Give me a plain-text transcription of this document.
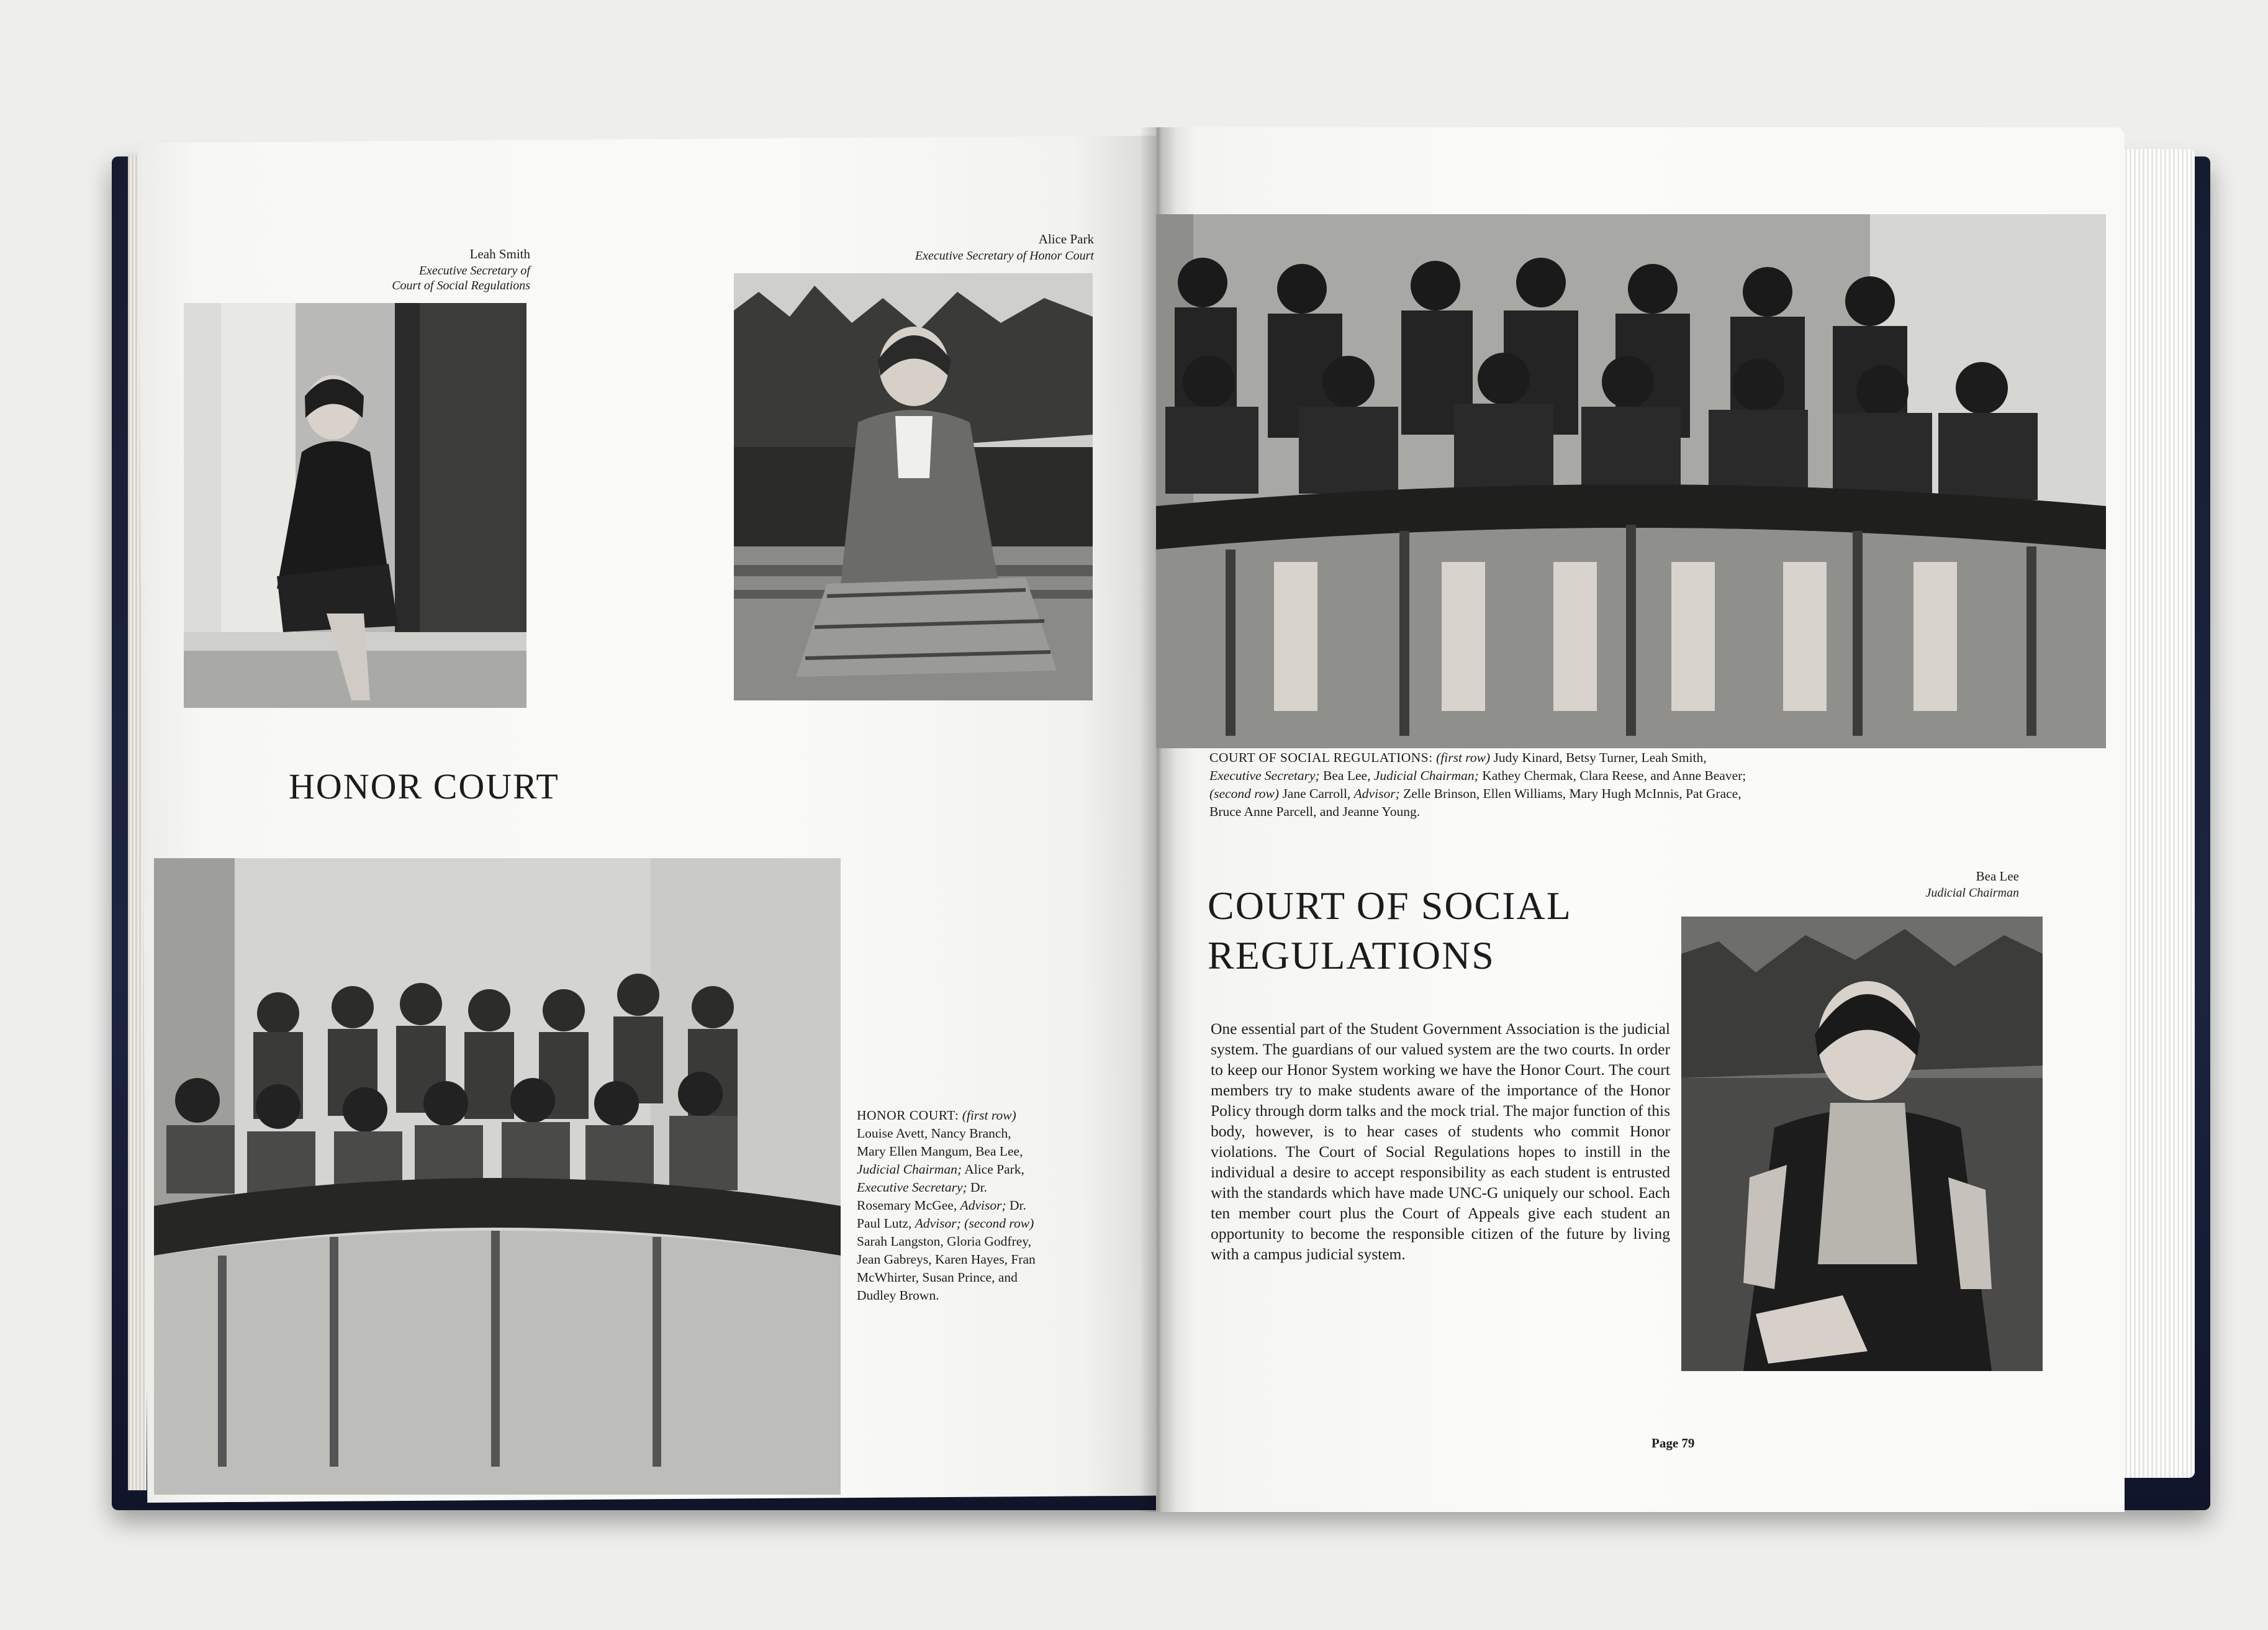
Leah Smith
Executive Secretary of
Court of Social Regulations
Alice Park
Executive Secretary of Honor Court
HONOR COURT

HONOR COURT: (first row) Louise Avett, Nancy Branch, Mary Ellen Mangum, Bea Lee, Judicial Chairman; Alice Park, Executive Secretary; Dr. Rosemary McGee, Advisor; Dr. Paul Lutz, Advisor; (second row) Sarah Langston, Gloria Godfrey, Jean Gabreys, Karen Hayes, Fran McWhirter, Susan Prince, and Dudley Brown.

COURT OF SOCIAL REGULATIONS: (first row) Judy Kinard, Betsy Turner, Leah Smith, Executive Secretary; Bea Lee, Judicial Chairman; Kathey Chermak, Clara Reese, and Anne Beaver; (second row) Jane Carroll, Advisor; Zelle Brinson, Ellen Williams, Mary Hugh McInnis, Pat Grace, Bruce Anne Parcell, and Jeanne Young.

COURT OF SOCIAL
REGULATIONS

One essential part of the Student Government Association is the judicial system. The guardians of our valued system are the two courts. In order to keep our Honor System working we have the Honor Court. The court members try to make students aware of the importance of the Honor Policy through dorm talks and the mock trial. The major function of this body, however, is to hear cases of students who commit Honor violations. The Court of Social Regulations hopes to instill in the individual a desire to accept responsibility as each student is entrusted with the standards which have made UNC-G uniquely our school. Each ten member court plus the Court of Appeals give each student an opportunity to become the responsible citizen of the future by living with a campus judicial system.

Bea Lee
Judicial Chairman
Page 79
